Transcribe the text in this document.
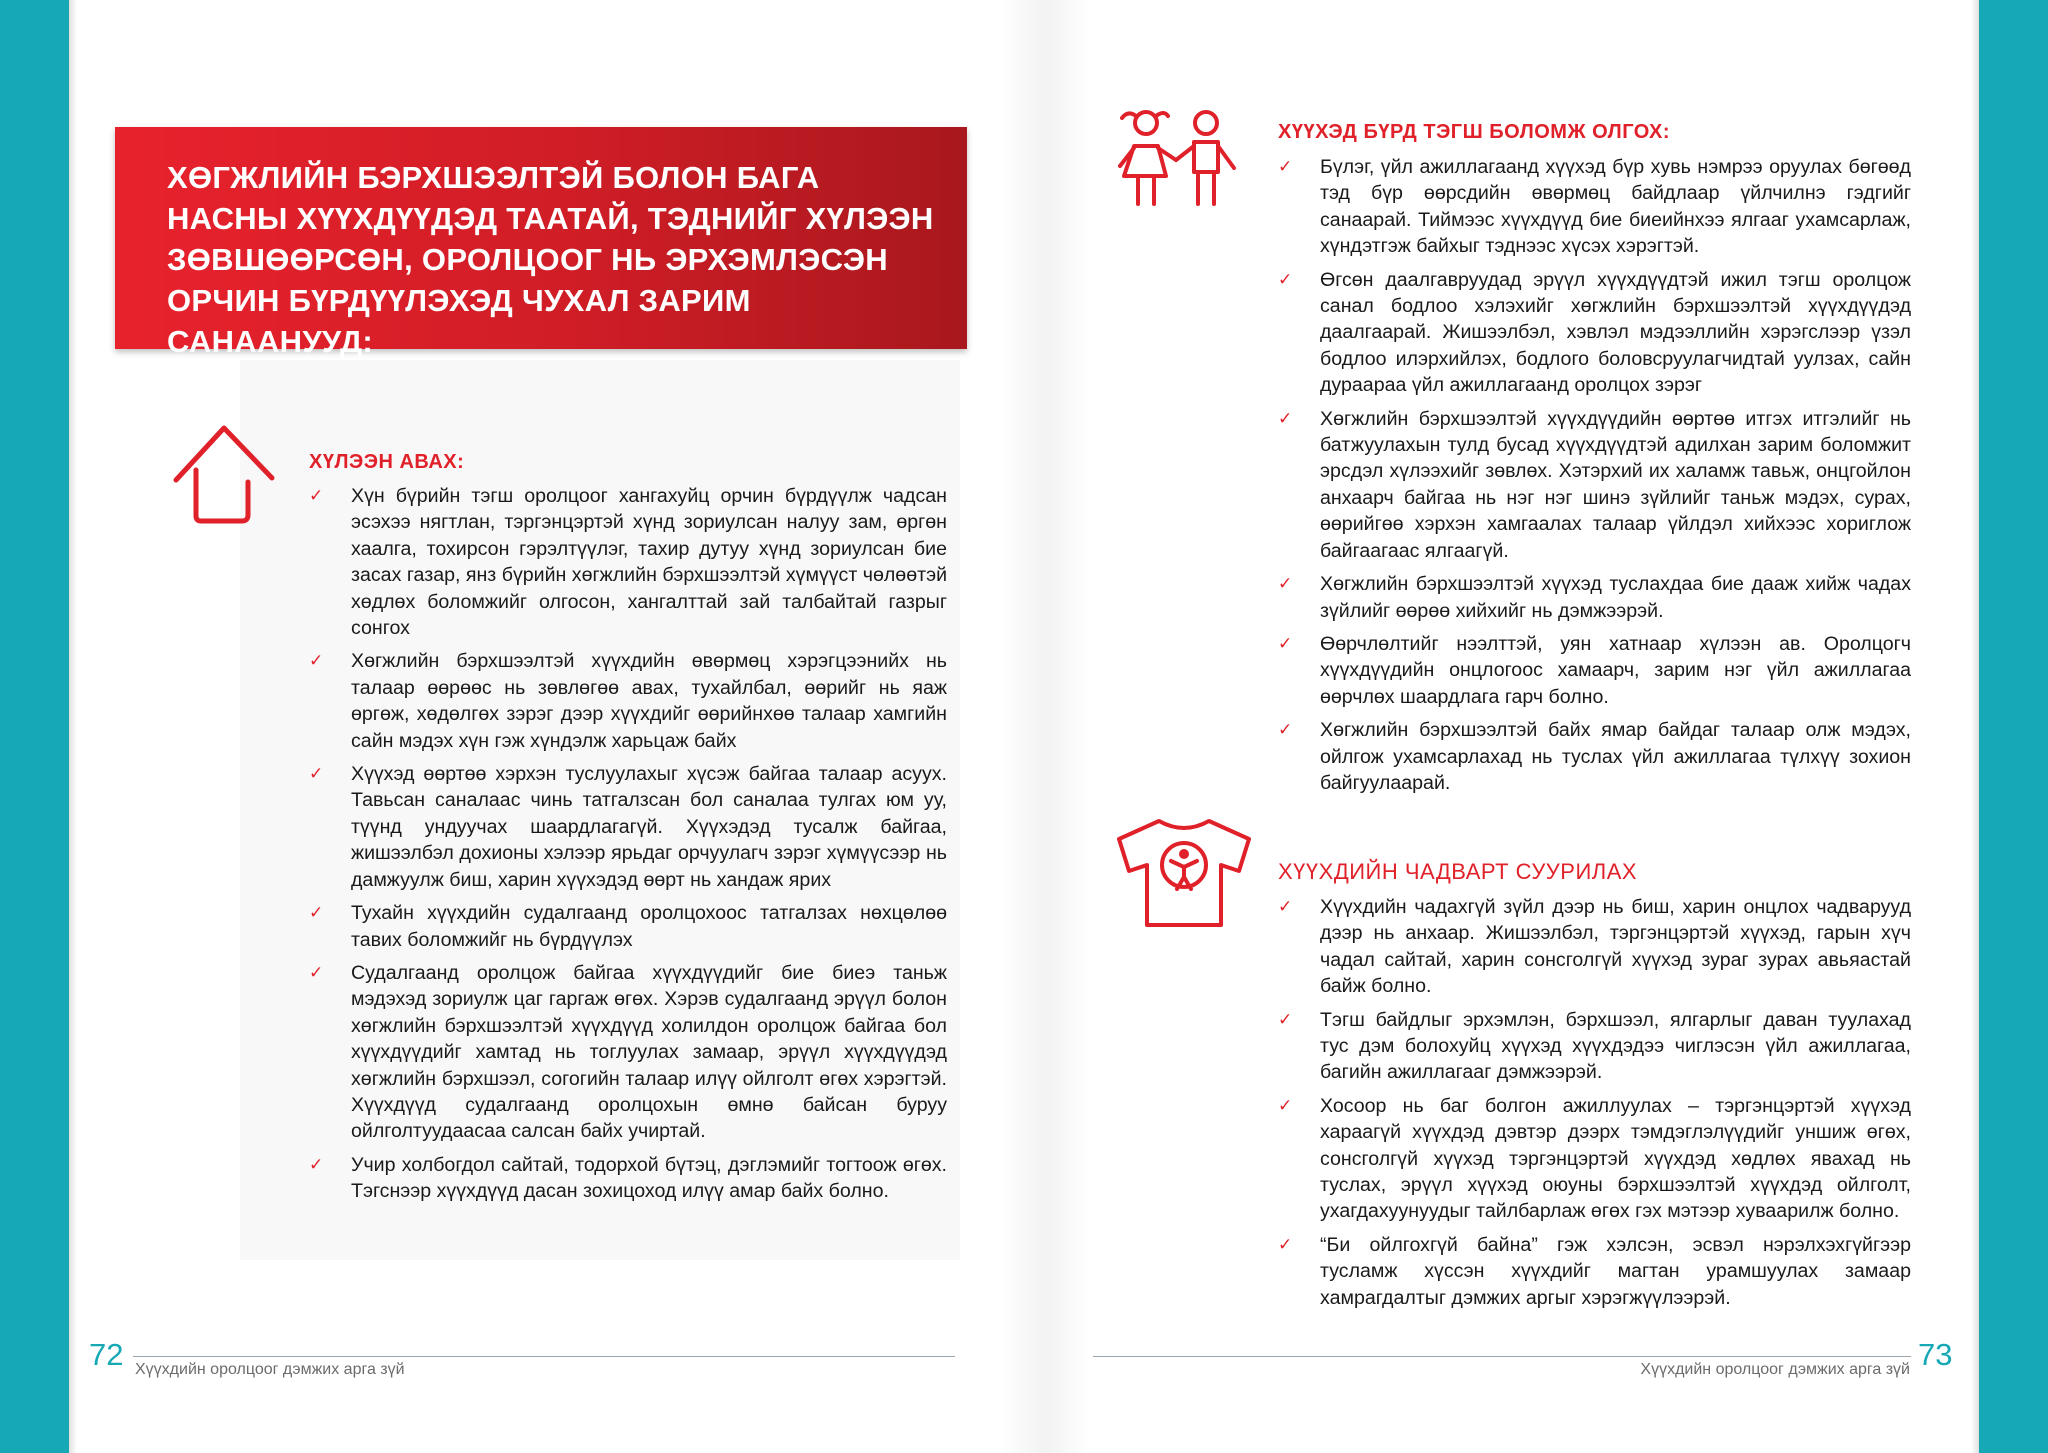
ХӨГЖЛИЙН БЭРХШЭЭЛТЭЙ БОЛОН БАГА НАСНЫ ХҮҮХДҮҮДЭД ТААТАЙ, ТЭДНИЙГ ХҮЛЭЭН ЗӨВШӨӨРСӨН, ОРОЛЦООГ НЬ ЭРХЭМЛЭСЭН ОРЧИН БҮРДҮҮЛЭХЭД ЧУХАЛ ЗАРИМ САНААНУУД:
ХҮЛЭЭН АВАХ:
✓ Хүн бүрийн тэгш оролцоог хангахуйц орчин бүрдүүлж чадсан эсэхээ нягтлан, тэргэнцэртэй хүнд зориулсан налуу зам, өргөн хаалга, тохирсон гэрэлтүүлэг, тахир дутуу хүнд зориулсан бие засах газар, янз бүрийн хөгжлийн бэрхшээлтэй хүмүүст чөлөөтэй хөдлөх боломжийг олгосон, хангалттай зай талбайтай газрыг сонгох
✓ Хөгжлийн бэрхшээлтэй хүүхдийн өвөрмөц хэрэгцээнийх нь талаар өөрөөс нь зөвлөгөө авах, тухайлбал, өөрийг нь яаж өргөж, хөдөлгөх зэрэг дээр хүүхдийг өөрийнхөө талаар хамгийн сайн мэдэх хүн гэж хүндэлж харьцаж байх
✓ Хүүхэд өөртөө хэрхэн туслуулахыг хүсэж байгаа талаар асуух. Тавьсан саналаас чинь татгалзсан бол саналаа тулгах юм уу, түүнд ундуучах шаардлагагүй. Хүүхэдэд тусалж байгаа, жишээлбэл дохионы хэлээр ярьдаг орчуулагч зэрэг хүмүүсээр нь дамжуулж биш, харин хүүхэдэд өөрт нь хандаж ярих
✓ Тухайн хүүхдийн судалгаанд оролцохоос татгалзах нөхцөлөө тавих боломжийг нь бүрдүүлэх
✓ Судалгаанд оролцож байгаа хүүхдүүдийг бие биеэ таньж мэдэхэд зориулж цаг гаргаж өгөх. Хэрэв судалгаанд эрүүл болон хөгжлийн бэрхшээлтэй хүүхдүүд холилдон оролцож байгаа бол хүүхдүүдийг хамтад нь тоглуулах замаар, эрүүл хүүхдүүдэд хөгжлийн бэрхшээл, согогийн талаар илүү ойлголт өгөх хэрэгтэй. Хүүхдүүд судалгаанд оролцохын өмнө байсан буруу ойлголтуудаасаа салсан байх учиртай.
✓ Учир холбогдол сайтай, тодорхой бүтэц, дэглэмийг тогтоож өгөх. Тэгснээр хүүхдүүд дасан зохицоход илүү амар байх болно.
ХҮҮХЭД БҮРД ТЭГШ БОЛОМЖ ОЛГОХ:
✓ Бүлэг, үйл ажиллагаанд хүүхэд бүр хувь нэмрээ оруулах бөгөөд тэд бүр өөрсдийн өвөрмөц байдлаар үйлчилнэ гэдгийг санаарай. Тиймээс хүүхдүүд бие биеийнхээ ялгааг ухамсарлаж, хүндэтгэж байхыг тэднээс хүсэх хэрэгтэй.
✓ Өгсөн даалгавруудад эрүүл хүүхдүүдтэй ижил тэгш оролцож санал бодлоо хэлэхийг хөгжлийн бэрхшээлтэй хүүхдүүдэд даалгаарай. Жишээлбэл, хэвлэл мэдээллийн хэрэгслээр үзэл бодлоо илэрхийлэх, бодлого боловсруулагчидтай уулзах, сайн дураараа үйл ажиллагаанд оролцох зэрэг
✓ Хөгжлийн бэрхшээлтэй хүүхдүүдийн өөртөө итгэх итгэлийг нь батжуулахын тулд бусад хүүхдүүдтэй адилхан зарим боломжит эрсдэл хүлээхийг зөвлөх. Хэтэрхий их халамж тавьж, онцгойлон анхаарч байгаа нь нэг нэг шинэ зүйлийг таньж мэдэх, сурах, өөрийгөө хэрхэн хамгаалах талаар үйлдэл хийхээс хориглож байгаагаас ялгаагүй.
✓ Хөгжлийн бэрхшээлтэй хүүхэд туслахдаа бие дааж хийж чадах зүйлийг өөрөө хийхийг нь дэмжээрэй.
✓ Өөрчлөлтийг нээлттэй, уян хатнаар хүлээн ав. Оролцогч хүүхдүүдийн онцлогоос хамаарч, зарим нэг үйл ажиллагаа өөрчлөх шаардлага гарч болно.
✓ Хөгжлийн бэрхшээлтэй байх ямар байдаг талаар олж мэдэх, ойлгож ухамсарлахад нь туслах үйл ажиллагаа түлхүү зохион байгуулаарай.
ХҮҮХДИЙН ЧАДВАРТ СУУРИЛАХ
✓ Хүүхдийн чадахгүй зүйл дээр нь биш, харин онцлох чадварууд дээр нь анхаар. Жишээлбэл, тэргэнцэртэй хүүхэд, гарын хүч чадал сайтай, харин сонсголгүй хүүхэд зураг зурах авьяастай байж болно.
✓ Тэгш байдлыг эрхэмлэн, бэрхшээл, ялгарлыг даван туулахад тус дэм болохуйц хүүхэд хүүхдэдээ чиглэсэн үйл ажиллагаа, багийн ажиллагааг дэмжээрэй.
✓ Хосоор нь баг болгон ажиллуулах – тэргэнцэртэй хүүхэд хараагүй хүүхдэд дэвтэр дээрх тэмдэглэлүүдийг уншиж өгөх, сонсголгүй хүүхэд тэргэнцэртэй хүүхдэд хөдлөх явахад нь туслах, эрүүл хүүхэд оюуны бэрхшээлтэй хүүхдэд ойлголт, ухагдахуунуудыг тайлбарлаж өгөх гэх мэтээр хуваарилж болно.
✓ “Би ойлгохгүй байна” гэж хэлсэн, эсвэл нэрэлхэхгүйгээр тусламж хүссэн хүүхдийг магтан урамшуулах замаар хамрагдалтыг дэмжих аргыг хэрэгжүүлээрэй.
72 Хүүхдийн оролцоог дэмжих арга зүй	73
Хүүхдийн оролцоог дэмжих арга зүй
